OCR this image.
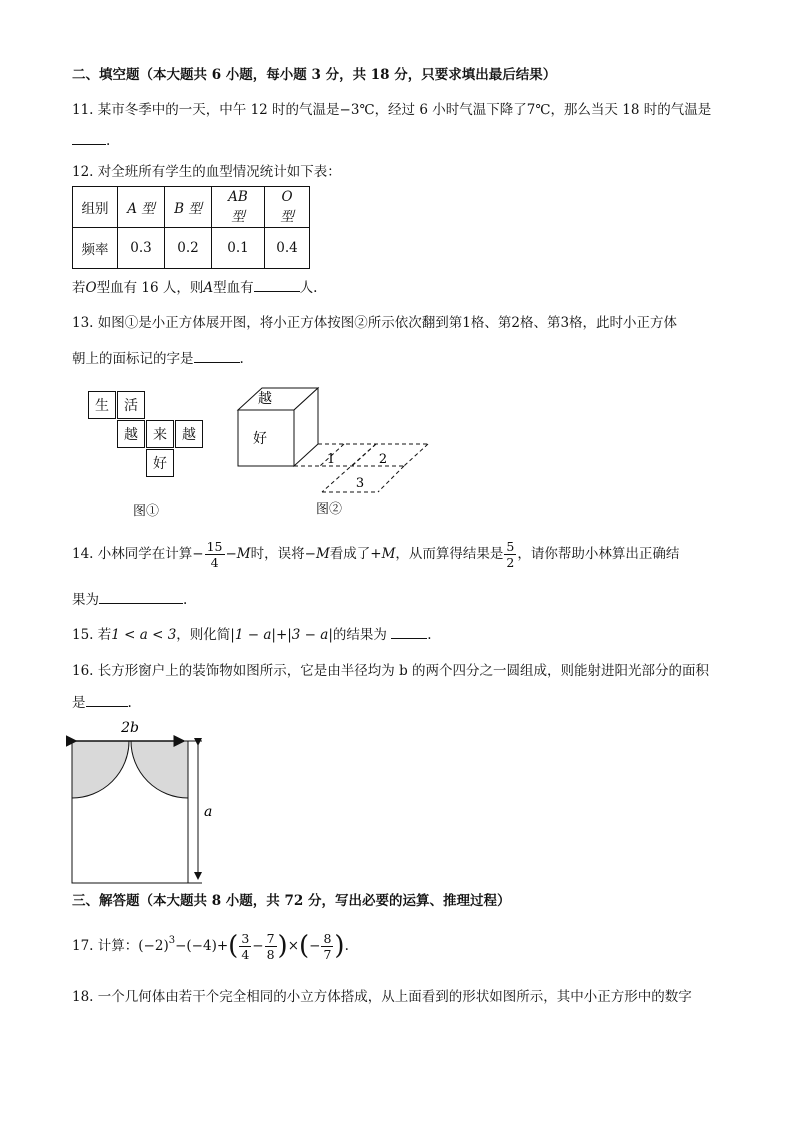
二、填空题（本大题共 6 小题，每小题 3 分，共 18 分，只要求填出最后结果）
11. 某市冬季中的一天，中午 12 时的气温是−3℃，经过 6 小时气温下降了7℃，那么当天 18 时的气温是
.
12. 对全班所有学生的血型情况统计如下表：
组别	A 型	B 型	AB 型	O 型
频率	0.3	0.2	0.1	0.4
若O型血有 16 人，则A型血有	人.
13. 如图①是小正方体展开图，将小正方体按图②所示依次翻到第1格、第2格、第3格，此时小正方体
朝上的面标记的字是	.
生	活
越	来	越
好
图①
越
好
1	2
3
图②
14.
小林同学在计算 − $\frac{15}{4} -M$ 时，误将 −M 看成了 +M ，从而算得结果是 $\frac{5}{2}$ ，请你帮助小林算出正确结
果为	.
15. 若1 < a < 3，则化简|1 − a|+|3 − a|的结果为	.
16. 长方形窗户上的装饰物如图所示，它是由半径均为 b 的两个四分之一圆组成，则能射进阳光部分的面积
是	.
2b
a
三、解答题（本大题共 8 小题，共 72 分，写出必要的运算、推理过程）
17.
计算： $(-2)^3 -(-4)+$ ( $\frac{3}{4} - \frac{7}{8}$ ) × ( − $\frac{8}{7}$ ) .
18. 一个几何体由若干个完全相同的小立方体搭成，从上面看到的形状如图所示，其中小正方形中的数字
